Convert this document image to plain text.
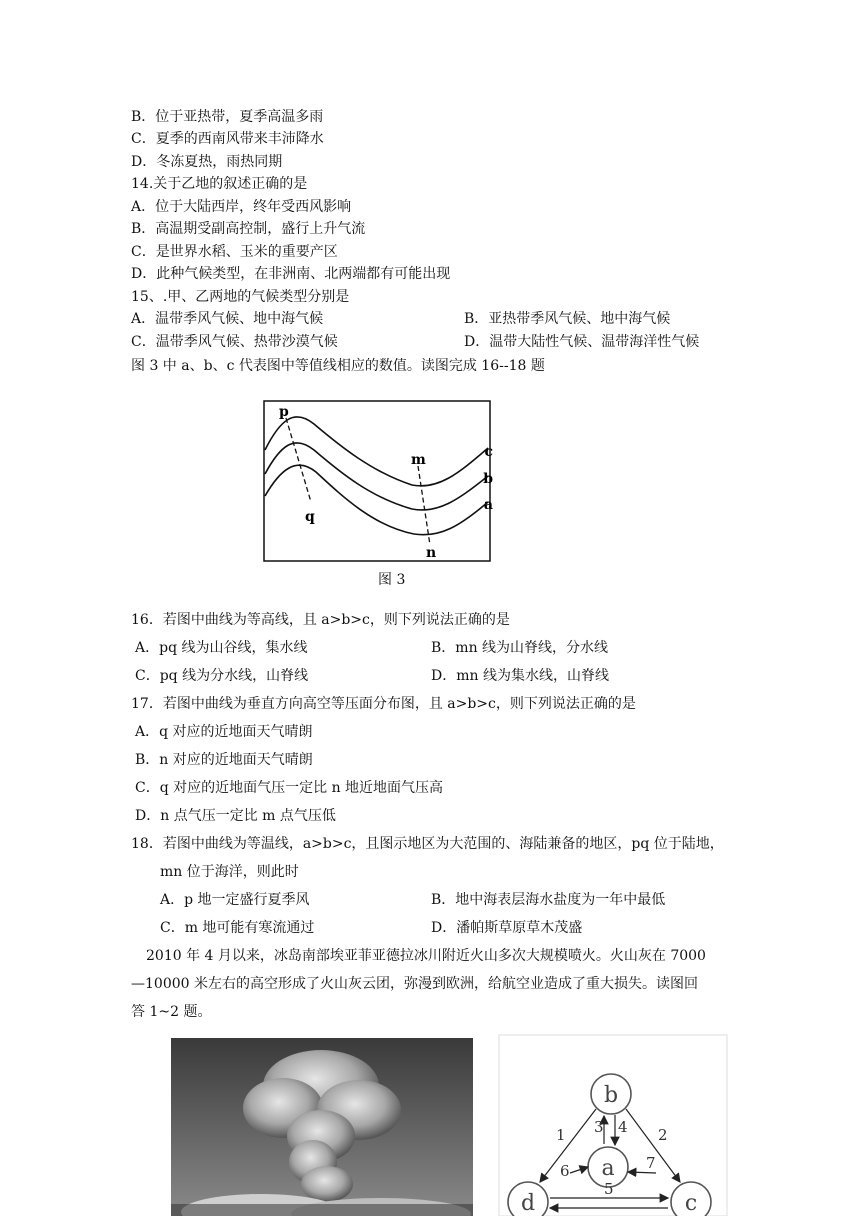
B．位于亚热带，夏季高温多雨
C．夏季的西南风带来丰沛降水
D．冬冻夏热，雨热同期
14.关于乙地的叙述正确的是
A．位于大陆西岸，终年受西风影响
B．高温期受副高控制，盛行上升气流
C．是世界水稻、玉米的重要产区
D．此种气候类型，在非洲南、北两端都有可能出现
15、.甲、乙两地的气候类型分别是
A．温带季风气候、地中海气候	B．亚热带季风气候、地中海气候
C．温带季风气候、热带沙漠气候	D．温带大陆性气候、温带海洋性气候
图 3 中 a、b、c 代表图中等值线相应的数值。读图完成 16--18 题
p
q
m
n
c
b
a
图 3
16．若图中曲线为等高线，且 a>b>c，则下列说法正确的是
A．pq 线为山谷线，集水线	B．mn 线为山脊线，分水线
C．pq 线为分水线，山脊线	D．mn 线为集水线，山脊线
17．若图中曲线为垂直方向高空等压面分布图，且 a>b>c，则下列说法正确的是
A．q 对应的近地面天气晴朗
B．n 对应的近地面天气晴朗
C．q 对应的近地面气压一定比 n 地近地面气压高
D．n 点气压一定比 m 点气压低
18．若图中曲线为等温线，a>b>c，且图示地区为大范围的、海陆兼备的地区，pq 位于陆地，
mn 位于海洋，则此时
A．p 地一定盛行夏季风	B．地中海表层海水盐度为一年中最低
C．m 地可能有寒流通过	D．潘帕斯草原草木茂盛
2010 年 4 月以来，冰岛南部埃亚菲亚德拉冰川附近火山多次大规模喷火。火山灰在 7000
—10000 米左右的高空形成了火山灰云团，弥漫到欧洲，给航空业造成了重大损失。读图回
答 1~2 题。
b
a
d	c
1	2
3 4
5
6	7
